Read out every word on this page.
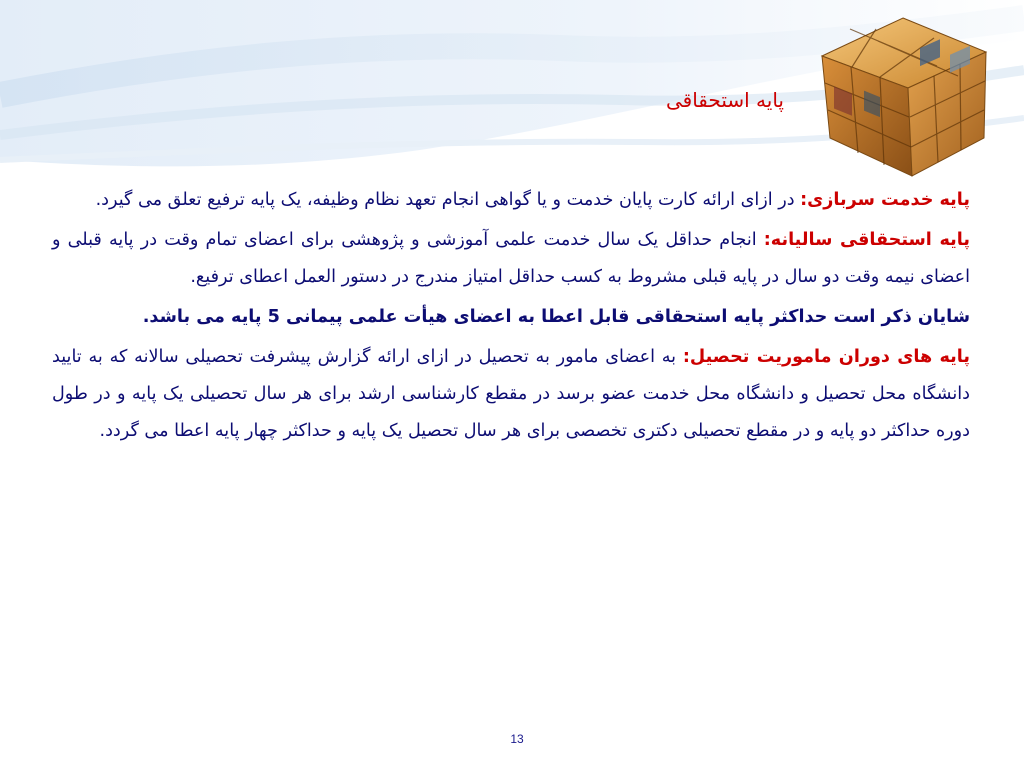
پایه استحقاقی

پایه خدمت سربازی: در ازای ارائه کارت پایان خدمت و یا گواهی انجام تعهد نظام وظیفه، یک پایه ترفیع تعلق می گیرد.

پایه استحقاقی سالیانه: انجام حداقل یک سال خدمت علمی آموزشی و پژوهشی برای اعضای تمام وقت در پایه قبلی و اعضای نیمه وقت دو سال در پایه قبلی مشروط به کسب حداقل امتیاز مندرج در دستور العمل اعطای ترفیع.

شایان ذکر است حداکثر پایه استحقاقی قابل اعطا به اعضای هیأت علمی پیمانی 5 پایه می باشد.

پایه های دوران ماموریت تحصیل: به اعضای مامور به تحصیل در ازای ارائه گزارش پیشرفت تحصیلی سالانه که به تایید دانشگاه محل تحصیل و دانشگاه محل خدمت عضو برسد در مقطع کارشناسی ارشد برای هر سال تحصیلی یک پایه و در طول دوره حداکثر دو پایه و در مقطع تحصیلی دکتری تخصصی برای هر سال تحصیل یک پایه و حداکثر چهار پایه اعطا می گردد.

13
